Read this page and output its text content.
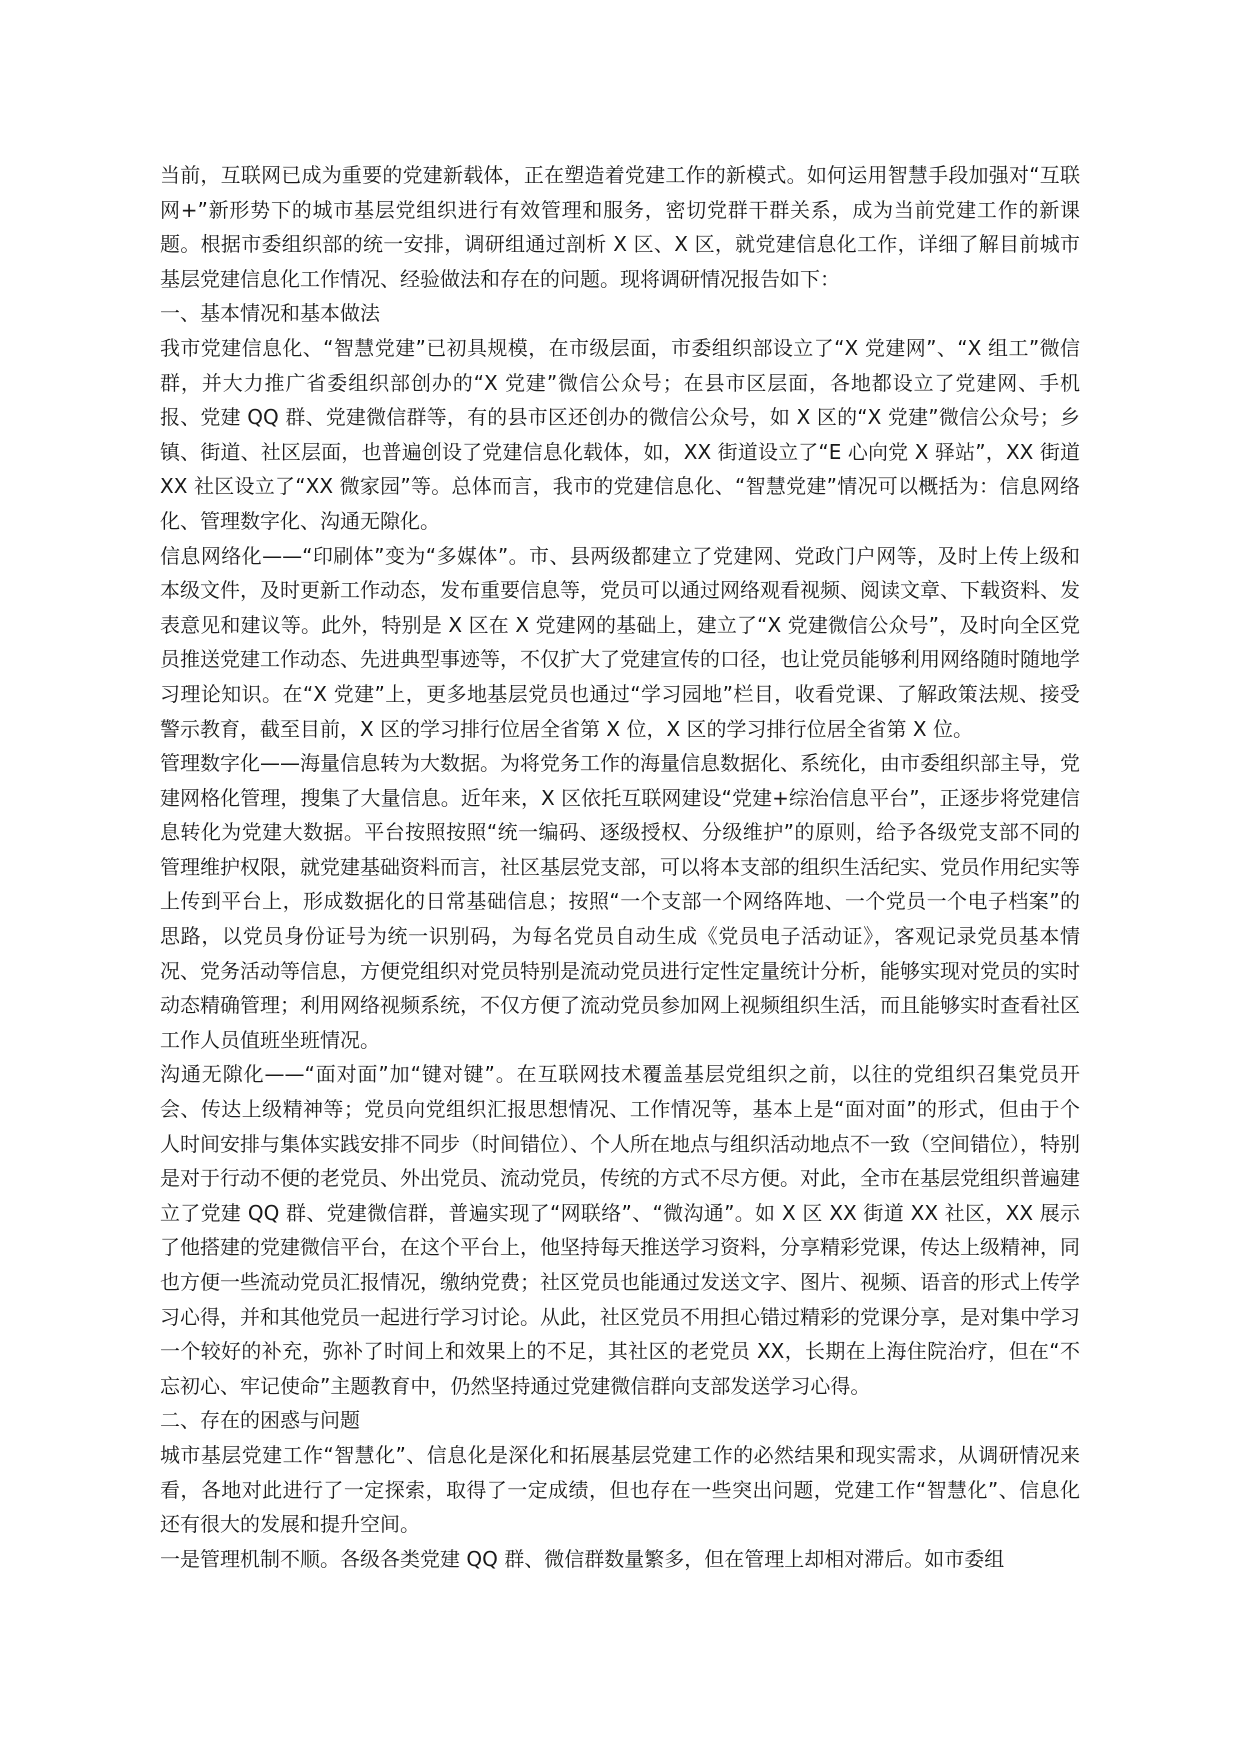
当前，互联网已成为重要的党建新载体，正在塑造着党建工作的新模式。如何运用智慧手段加强对“互联网+”新形势下的城市基层党组织进行有效管理和服务，密切党群干群关系，成为当前党建工作的新课题。根据市委组织部的统一安排，调研组通过剖析 X 区、X 区，就党建信息化工作，详细了解目前城市基层党建信息化工作情况、经验做法和存在的问题。现将调研情况报告如下：

一、基本情况和基本做法

我市党建信息化、“智慧党建”已初具规模，在市级层面，市委组织部设立了“X 党建网”、“X 组工”微信群，并大力推广省委组织部创办的“X 党建”微信公众号；在县市区层面，各地都设立了党建网、手机报、党建 QQ 群、党建微信群等，有的县市区还创办的微信公众号，如 X 区的“X 党建”微信公众号；乡镇、街道、社区层面，也普遍创设了党建信息化载体，如，XX 街道设立了“E 心向党 X 驿站”，XX 街道 XX 社区设立了“XX 微家园”等。总体而言，我市的党建信息化、“智慧党建”情况可以概括为：信息网络化、管理数字化、沟通无隙化。

信息网络化——“印刷体”变为“多媒体”。市、县两级都建立了党建网、党政门户网等，及时上传上级和本级文件，及时更新工作动态，发布重要信息等，党员可以通过网络观看视频、阅读文章、下载资料、发表意见和建议等。此外，特别是 X 区在 X 党建网的基础上，建立了“X 党建微信公众号”，及时向全区党员推送党建工作动态、先进典型事迹等，不仅扩大了党建宣传的口径，也让党员能够利用网络随时随地学习理论知识。在“X 党建”上，更多地基层党员也通过“学习园地”栏目，收看党课、了解政策法规、接受警示教育，截至目前，X 区的学习排行位居全省第 X 位，X 区的学习排行位居全省第 X 位。

管理数字化——海量信息转为大数据。为将党务工作的海量信息数据化、系统化，由市委组织部主导，党建网格化管理，搜集了大量信息。近年来，X 区依托互联网建设“党建+综治信息平台”，正逐步将党建信息转化为党建大数据。平台按照按照“统一编码、逐级授权、分级维护”的原则，给予各级党支部不同的管理维护权限，就党建基础资料而言，社区基层党支部，可以将本支部的组织生活纪实、党员作用纪实等上传到平台上，形成数据化的日常基础信息；按照“一个支部一个网络阵地、一个党员一个电子档案”的思路，以党员身份证号为统一识别码，为每名党员自动生成《党员电子活动证》，客观记录党员基本情况、党务活动等信息，方便党组织对党员特别是流动党员进行定性定量统计分析，能够实现对党员的实时动态精确管理；利用网络视频系统，不仅方便了流动党员参加网上视频组织生活，而且能够实时查看社区工作人员值班坐班情况。

沟通无隙化——“面对面”加“键对键”。在互联网技术覆盖基层党组织之前，以往的党组织召集党员开会、传达上级精神等；党员向党组织汇报思想情况、工作情况等，基本上是“面对面”的形式，但由于个人时间安排与集体实践安排不同步（时间错位）、个人所在地点与组织活动地点不一致（空间错位），特别是对于行动不便的老党员、外出党员、流动党员，传统的方式不尽方便。对此，全市在基层党组织普遍建立了党建 QQ 群、党建微信群，普遍实现了“网联络”、“微沟通”。如 X 区 XX 街道 XX 社区，XX 展示了他搭建的党建微信平台，在这个平台上，他坚持每天推送学习资料，分享精彩党课，传达上级精神，同也方便一些流动党员汇报情况，缴纳党费；社区党员也能通过发送文字、图片、视频、语音的形式上传学习心得，并和其他党员一起进行学习讨论。从此，社区党员不用担心错过精彩的党课分享，是对集中学习一个较好的补充，弥补了时间上和效果上的不足，其社区的老党员 XX，长期在上海住院治疗，但在“不忘初心、牢记使命”主题教育中，仍然坚持通过党建微信群向支部发送学习心得。

二、存在的困惑与问题

城市基层党建工作“智慧化”、信息化是深化和拓展基层党建工作的必然结果和现实需求，从调研情况来看，各地对此进行了一定探索，取得了一定成绩，但也存在一些突出问题，党建工作“智慧化”、信息化还有很大的发展和提升空间。

一是管理机制不顺。各级各类党建 QQ 群、微信群数量繁多，但在管理上却相对滞后。如市委组
